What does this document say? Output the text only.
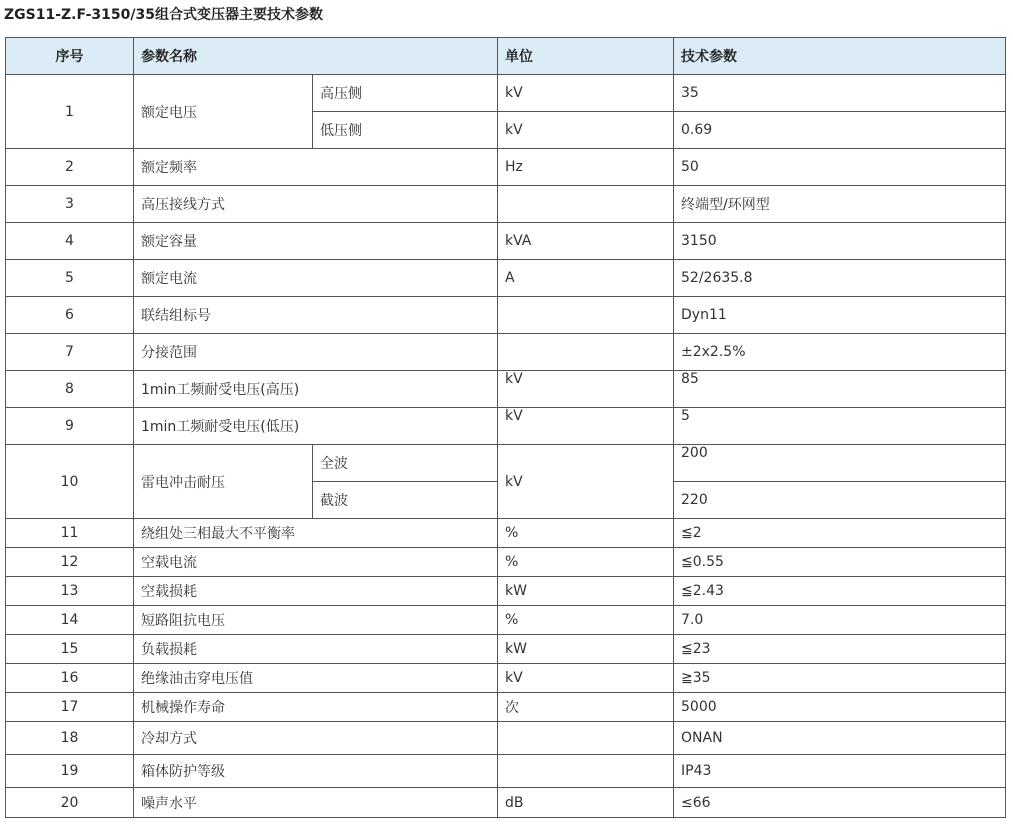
ZGS11-Z.F-3150/35组合式变压器主要技术参数
序号	参数名称		单位	技术参数
1	额定电压	高压侧	kV	35
		低压侧	kV	0.69
2	额定频率		Hz	50
3	高压接线方式			终端型/环网型
4	额定容量		kVA	3150
5	额定电流		A	52/2635.8
6	联结组标号			Dyn11
7	分接范围			±2x2.5%
8	1min工频耐受电压(高压)		kV	85
9	1min工频耐受电压(低压)		kV	5
10	雷电冲击耐压	全波	kV	200
		截波		220
11	绕组处三相最大不平衡率		%	≦2
12	空载电流		%	≦0.55
13	空载损耗		kW	≦2.43
14	短路阻抗电压		%	7.0
15	负载损耗		kW	≦23
16	绝缘油击穿电压值		kV	≧35
17	机械操作寿命		次	5000
18	冷却方式			ONAN
19	箱体防护等级			IP43
20	噪声水平		dB	≤66
